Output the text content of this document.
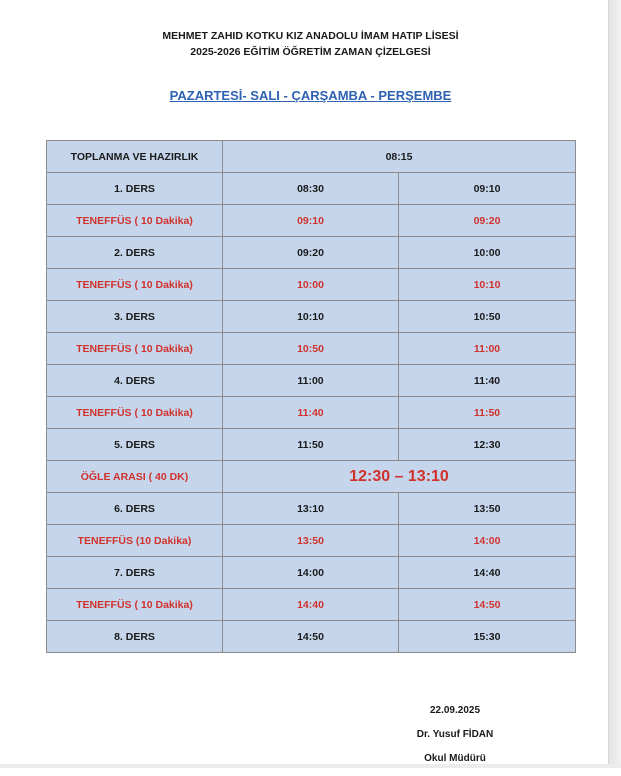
MEHMET ZAHID KOTKU KIZ ANADOLU İMAM HATIP LİSESİ
2025-2026 EĞİTİM ÖĞRETİM ZAMAN ÇİZELGESİ
PAZARTESİ- SALI - ÇARŞAMBA - PERŞEMBE
TOPLANMA VE HAZIRLIK	08:15	
1. DERS	08:30	09:10
TENEFFÜS ( 10 Dakika)	09:10	09:20
2. DERS	09:20	10:00
TENEFFÜS ( 10 Dakika)	10:00	10:10
3. DERS	10:10	10:50
TENEFFÜS ( 10 Dakika)	10:50	11:00
4. DERS	11:00	11:40
TENEFFÜS ( 10 Dakika)	11:40	11:50
5. DERS	11:50	12:30
ÖĞLE ARASI ( 40 DK)	12:30 – 13:10	
6. DERS	13:10	13:50
TENEFFÜS (10 Dakika)	13:50	14:00
7. DERS	14:00	14:40
TENEFFÜS ( 10 Dakika)	14:40	14:50
8. DERS	14:50	15:30
22.09.2025
Dr. Yusuf FİDAN
Okul Müdürü
